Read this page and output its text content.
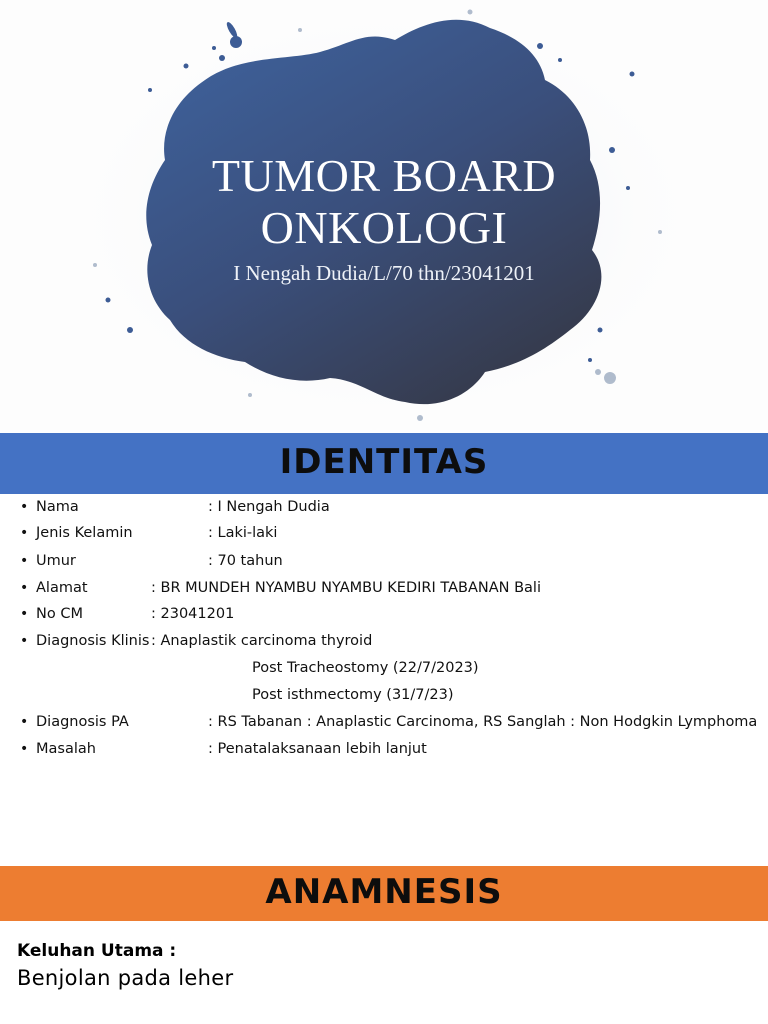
TUMOR BOARD
ONKOLOGI
I Nengah Dudia/L/70 thn/23041201
IDENTITAS
• Nama	: I Nengah Dudia
• Jenis Kelamin	: Laki-laki
• Umur	: 70 tahun
• Alamat	: BR MUNDEH NYAMBU NYAMBU KEDIRI TABANAN Bali
• No CM	: 23041201
• Diagnosis Klinis : Anaplastik carcinoma thyroid
Post Tracheostomy (22/7/2023)
Post isthmectomy (31/7/23)
• Diagnosis PA	: RS Tabanan : Anaplastic Carcinoma, RS Sanglah : Non Hodgkin Lymphoma
• Masalah	: Penatalaksanaan lebih lanjut
ANAMNESIS
Keluhan Utama :
Benjolan pada leher
